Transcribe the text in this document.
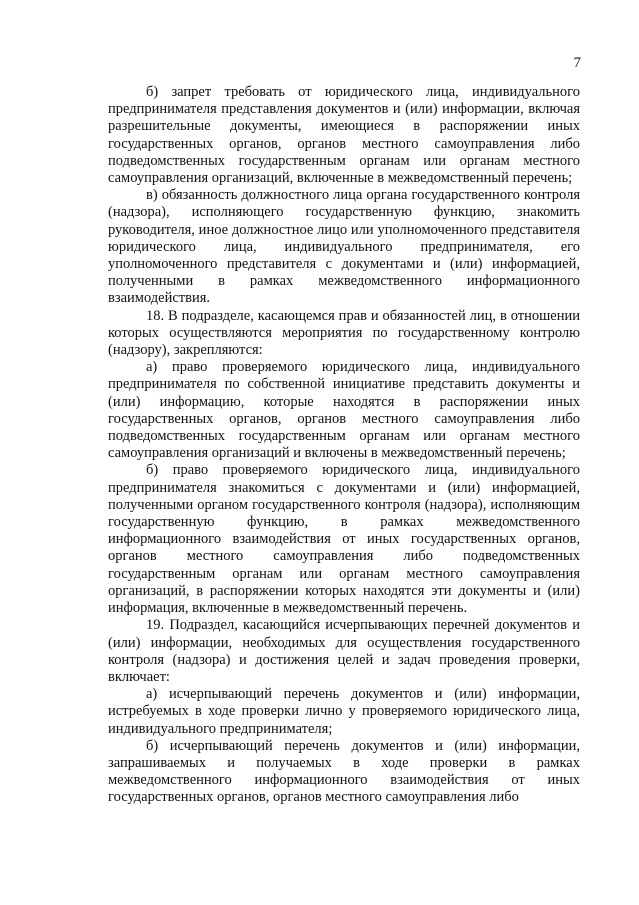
7

б) запрет требовать от юридического лица, индивидуального предпринимателя представления документов и (или) информации, включая разрешительные документы, имеющиеся в распоряжении иных государственных органов, органов местного самоуправления либо подведомственных государственным органам или органам местного самоуправления организаций, включенные в межведомственный перечень;

в) обязанность должностного лица органа государственного контроля (надзора), исполняющего государственную функцию, знакомить руководителя, иное должностное лицо или уполномоченного представителя юридического лица, индивидуального предпринимателя, его уполномоченного представителя с документами и (или) информацией, полученными в рамках межведомственного информационного взаимодействия.

18. В подразделе, касающемся прав и обязанностей лиц, в отношении которых осуществляются мероприятия по государственному контролю (надзору), закрепляются:

а) право проверяемого юридического лица, индивидуального предпринимателя по собственной инициативе представить документы и (или) информацию, которые находятся в распоряжении иных государственных органов, органов местного самоуправления либо подведомственных государственным органам или органам местного самоуправления организаций и включены в межведомственный перечень;

б) право проверяемого юридического лица, индивидуального предпринимателя знакомиться с документами и (или) информацией, полученными органом государственного контроля (надзора), исполняющим государственную функцию, в рамках межведомственного информационного взаимодействия от иных государственных органов, органов местного самоуправления либо подведомственных государственным органам или органам местного самоуправления организаций, в распоряжении которых находятся эти документы и (или) информация, включенные в межведомственный перечень.

19. Подраздел, касающийся исчерпывающих перечней документов и (или) информации, необходимых для осуществления государственного контроля (надзора) и достижения целей и задач проведения проверки, включает:

а) исчерпывающий перечень документов и (или) информации, истребуемых в ходе проверки лично у проверяемого юридического лица, индивидуального предпринимателя;

б) исчерпывающий перечень документов и (или) информации, запрашиваемых и получаемых в ходе проверки в рамках межведомственного информационного взаимодействия от иных государственных органов, органов местного самоуправления либо
